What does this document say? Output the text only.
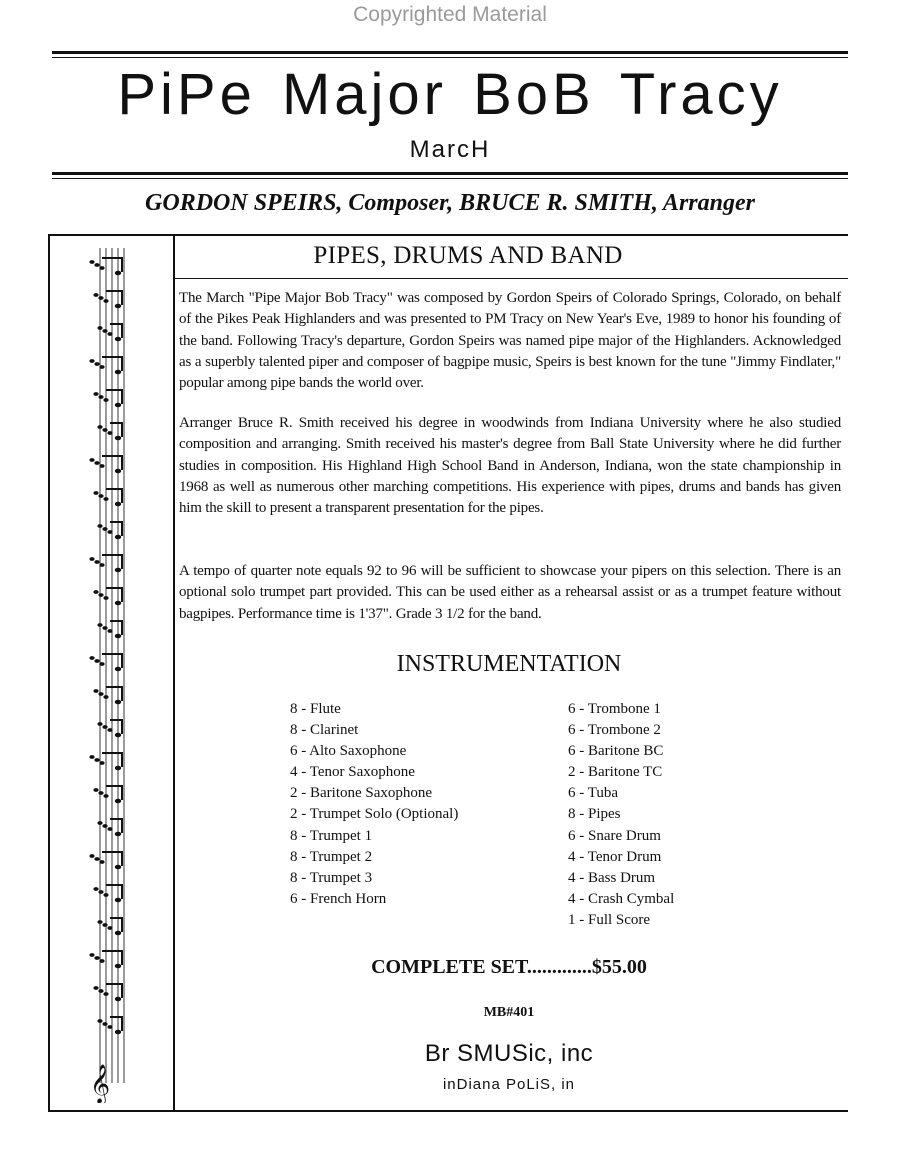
Copyrighted Material
PiPe Major BoB Tracy
MarcH
GORDON SPEIRS, Composer, BRUCE R. SMITH, Arranger
𝄞
PIPES, DRUMS AND BAND

The March "Pipe Major Bob Tracy" was composed by Gordon Speirs of Colorado Springs, Colorado, on behalf of the Pikes Peak Highlanders and was presented to PM Tracy on New Year's Eve, 1989 to honor his founding of the band. Following Tracy's departure, Gordon Speirs was named pipe major of the Highlanders. Acknowledged as a superbly talented piper and composer of bagpipe music, Speirs is best known for the tune "Jimmy Findlater," popular among pipe bands the world over.

Arranger Bruce R. Smith received his degree in woodwinds from Indiana University where he also studied composition and arranging. Smith received his master's degree from Ball State University where he did further studies in composition. His Highland High School Band in Anderson, Indiana, won the state championship in 1968 as well as numerous other marching competitions. His experience with pipes, drums and bands has given him the skill to present a transparent presentation for the pipes.

A tempo of quarter note equals 92 to 96 will be sufficient to showcase your pipers on this selection. There is an optional solo trumpet part provided. This can be used either as a rehearsal assist or as a trumpet feature without bagpipes. Performance time is 1'37". Grade 3 1/2 for the band.

INSTRUMENTATION
8 - Flute
8 - Clarinet
6 - Alto Saxophone
4 - Tenor Saxophone
2 - Baritone Saxophone
2 - Trumpet Solo (Optional)
8 - Trumpet 1
8 - Trumpet 2
8 - Trumpet 3
6 - French Horn
6 - Trombone 1
6 - Trombone 2
6 - Baritone BC
2 - Baritone TC
6 - Tuba
8 - Pipes
6 - Snare Drum
4 - Tenor Drum
4 - Bass Drum
4 - Crash Cymbal
1 - Full Score
COMPLETE SET.............$55.00
MB#401
Br SMUSic, inc
inDiana PoLiS, in
